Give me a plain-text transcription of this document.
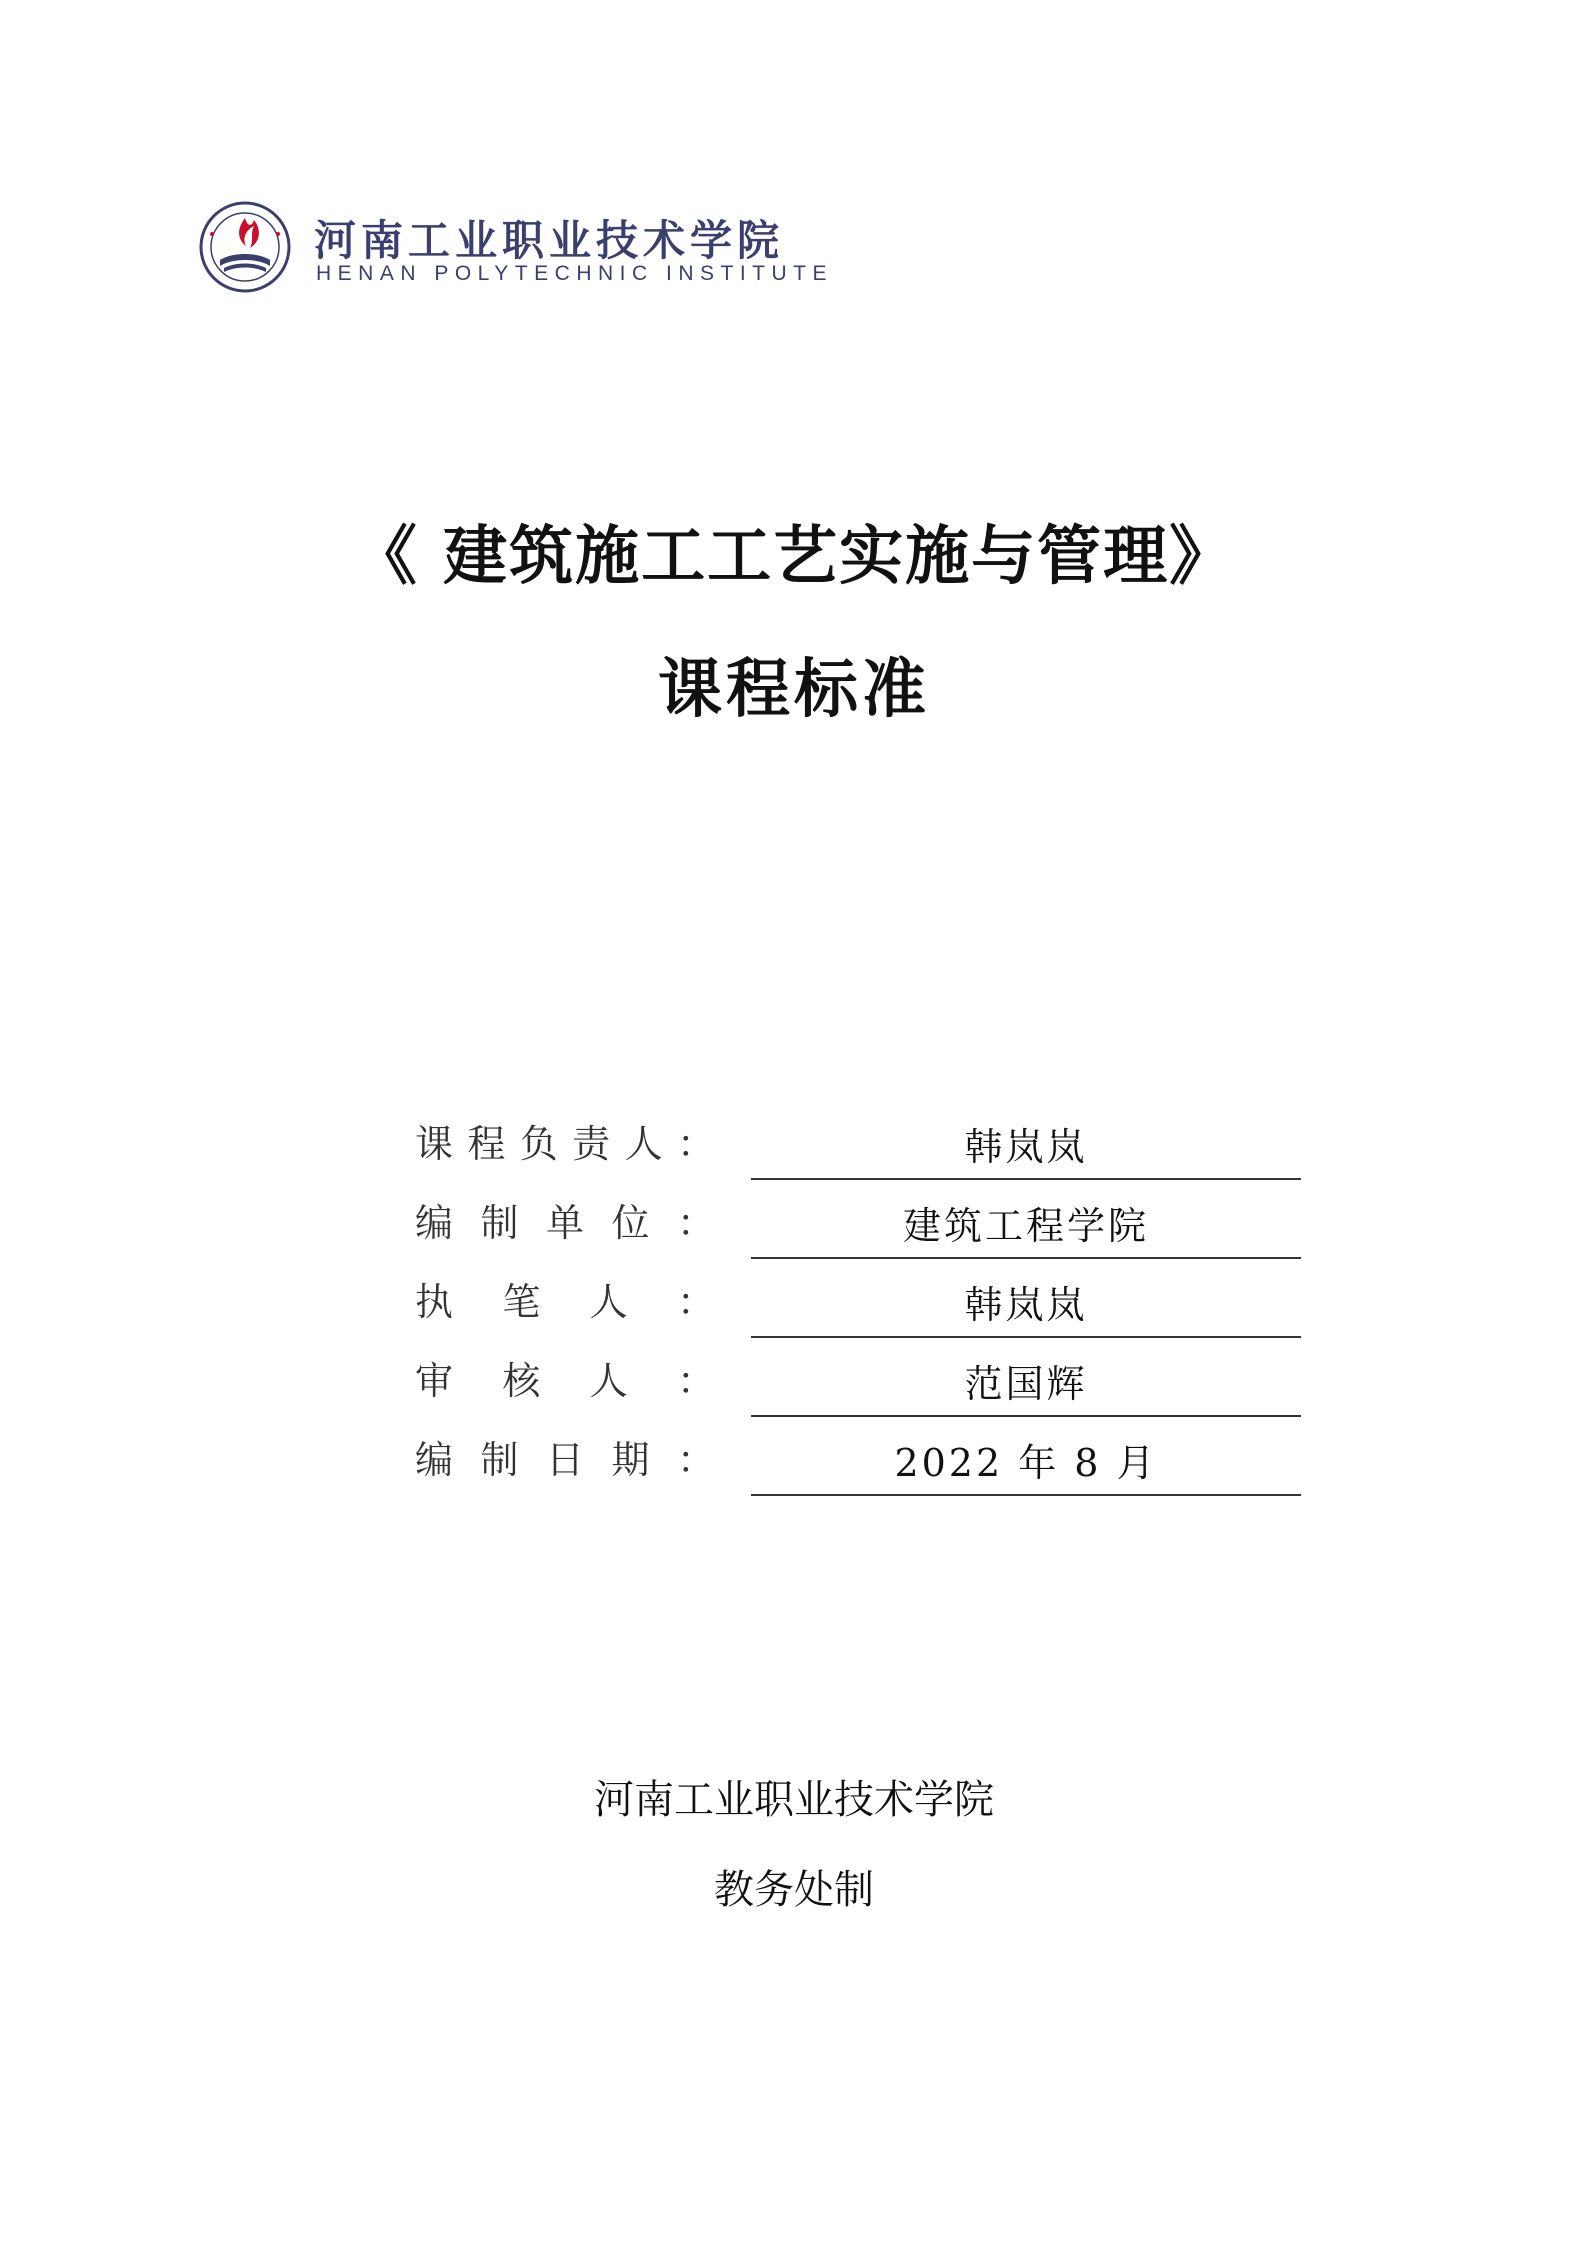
河南工业职业技术学院
HENAN POLYTECHNIC INSTITUTE
《 建筑施工工艺实施与管理》
课程标准
课 程 负 责 人 ：	韩岚岚
编 制 单 位 ：	建筑工程学院
执 笔 人 ：	韩岚岚
审 核 人 ：	范国辉
编 制 日 期 ：	2022 年 8 月
河南工业职业技术学院
教务处制
